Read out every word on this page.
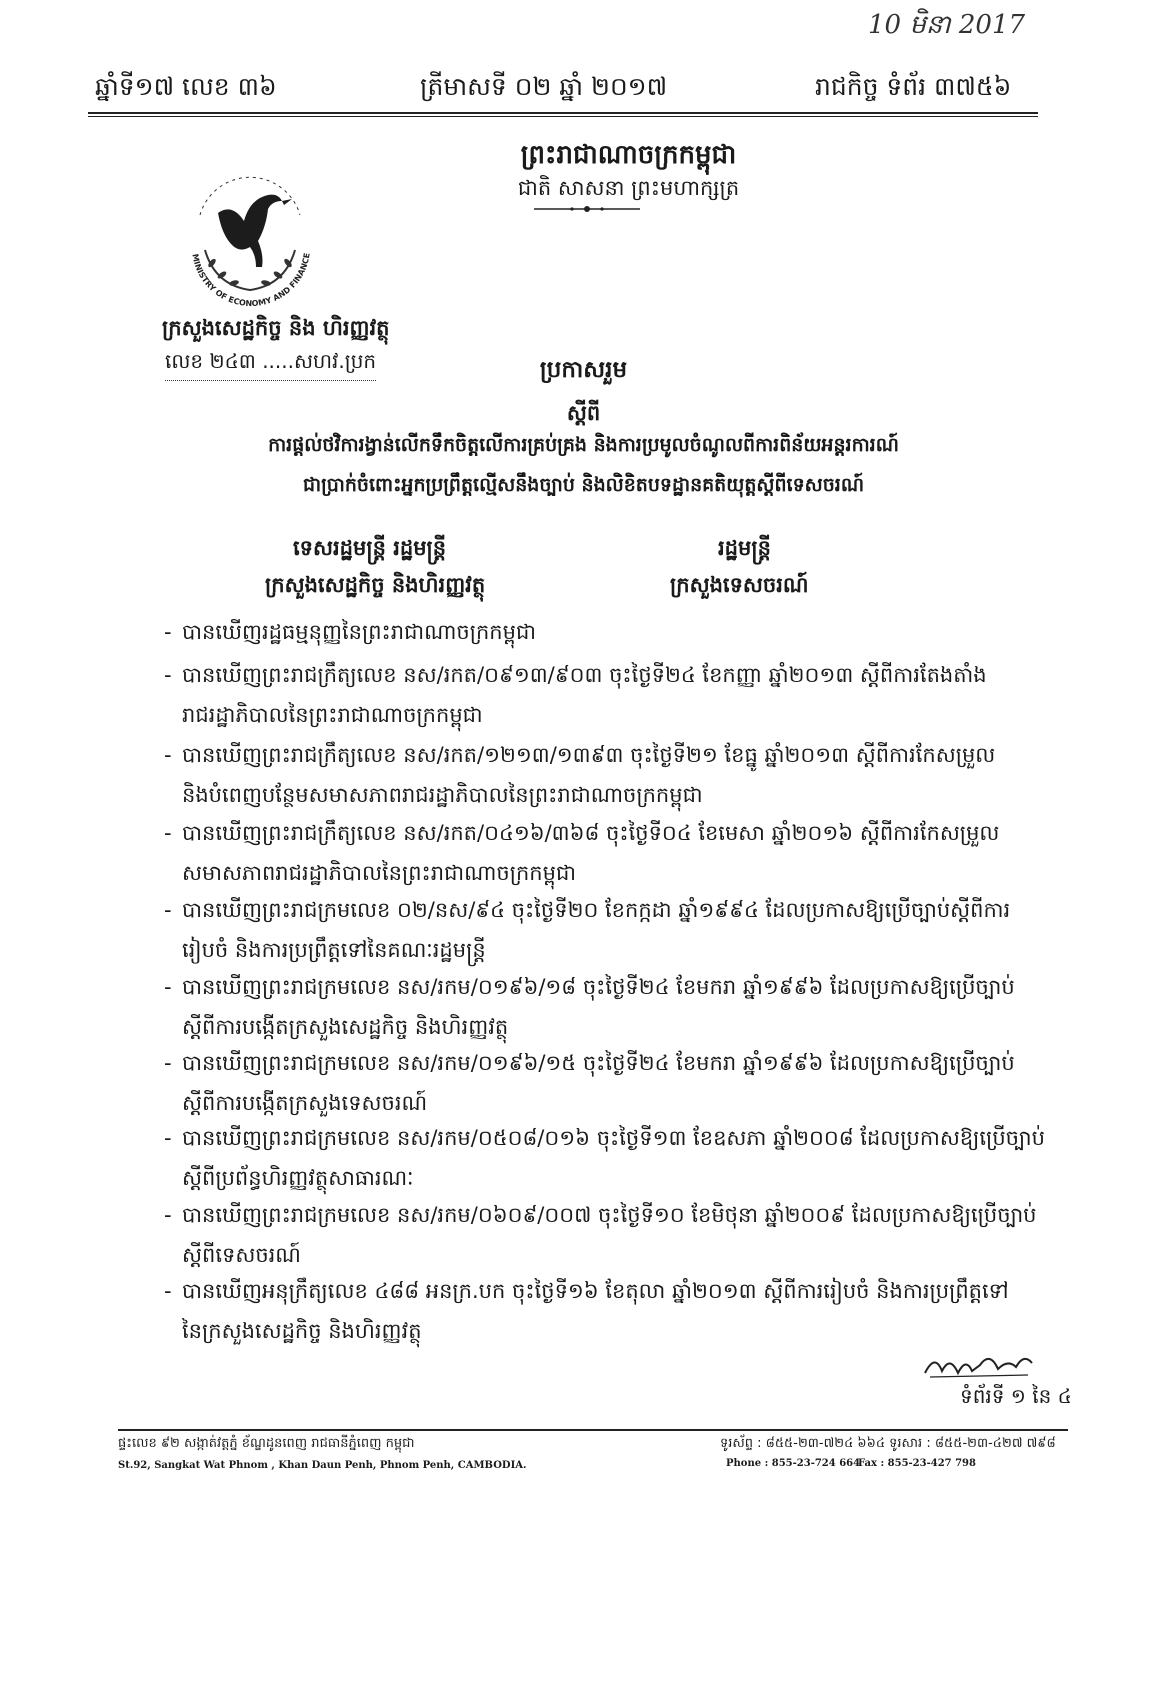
10 មិនា 2017
ឆ្នាំទី១៧ លេខ ៣៦	ត្រីមាសទី ០២ ឆ្នាំ ២០១៧	រាជកិច្ច ទំព័រ ៣៧៥៦
ព្រះរាជាណាចក្រកម្ពុជា
ជាតិ សាសនា ព្រះមហាក្សត្រ
MINISTRY OF ECONOMY AND FINANCE
ក្រសួងសេដ្ឋកិច្ច និង ហិរញ្ញវត្ថុ
លេខ ២៤៣ .....សហវ.ប្រក	ប្រកាសរួម
ស្តីពី
ការផ្តល់ថវិការង្វាន់លើកទឹកចិត្តលើការគ្រប់គ្រង និងការប្រមូលចំណូលពីការពិន័យអន្តរការណ៍
ជាប្រាក់ចំពោះអ្នកប្រព្រឹត្តល្មើសនឹងច្បាប់ និងលិខិតបទដ្ឋានគតិយុត្តស្តីពីទេសចរណ៍
ទេសរដ្ឋមន្ត្រី រដ្ឋមន្ត្រី
ក្រសួងសេដ្ឋកិច្ច និងហិរញ្ញវត្ថុ
រដ្ឋមន្ត្រី
ក្រសួងទេសចរណ៍
- បានឃើញរដ្ឋធម្មនុញ្ញនៃព្រះរាជាណាចក្រកម្ពុជា
- បានឃើញព្រះរាជក្រឹត្យលេខ នស/រកត/០៩១៣/៩០៣ ចុះថ្ងៃទី២៤ ខែកញ្ញា ឆ្នាំ២០១៣ ស្តីពីការតែងតាំង
រាជរដ្ឋាភិបាលនៃព្រះរាជាណាចក្រកម្ពុជា
- បានឃើញព្រះរាជក្រឹត្យលេខ នស/រកត/១២១៣/១៣៩៣ ចុះថ្ងៃទី២១ ខែធ្នូ ឆ្នាំ២០១៣ ស្តីពីការកែសម្រួល
និងបំពេញបន្ថែមសមាសភាពរាជរដ្ឋាភិបាលនៃព្រះរាជាណាចក្រកម្ពុជា
- បានឃើញព្រះរាជក្រឹត្យលេខ នស/រកត/០៤១៦/៣៦៨ ចុះថ្ងៃទី០៤ ខែមេសា ឆ្នាំ២០១៦ ស្តីពីការកែសម្រួល
សមាសភាពរាជរដ្ឋាភិបាលនៃព្រះរាជាណាចក្រកម្ពុជា
- បានឃើញព្រះរាជក្រមលេខ ០២/នស/៩៤ ចុះថ្ងៃទី២០ ខែកក្កដា ឆ្នាំ១៩៩៤ ដែលប្រកាសឱ្យប្រើច្បាប់ស្តីពីការ
រៀបចំ និងការប្រព្រឹត្តទៅនៃគណៈរដ្ឋមន្ត្រី
- បានឃើញព្រះរាជក្រមលេខ នស/រកម/០១៩៦/១៨ ចុះថ្ងៃទី២៤ ខែមករា ឆ្នាំ១៩៩៦ ដែលប្រកាសឱ្យប្រើច្បាប់
ស្តីពីការបង្កើតក្រសួងសេដ្ឋកិច្ច និងហិរញ្ញវត្ថុ
- បានឃើញព្រះរាជក្រមលេខ នស/រកម/០១៩៦/១៥ ចុះថ្ងៃទី២៤ ខែមករា ឆ្នាំ១៩៩៦ ដែលប្រកាសឱ្យប្រើច្បាប់
ស្តីពីការបង្កើតក្រសួងទេសចរណ៍
- បានឃើញព្រះរាជក្រមលេខ នស/រកម/០៥០៨/០១៦ ចុះថ្ងៃទី១៣ ខែឧសភា ឆ្នាំ២០០៨ ដែលប្រកាសឱ្យប្រើច្បាប់
ស្តីពីប្រព័ន្ធហិរញ្ញវត្ថុសាធារណៈ
- បានឃើញព្រះរាជក្រមលេខ នស/រកម/០៦០៩/០០៧ ចុះថ្ងៃទី១០ ខែមិថុនា ឆ្នាំ២០០៩ ដែលប្រកាសឱ្យប្រើច្បាប់
ស្តីពីទេសចរណ៍
- បានឃើញអនុក្រឹត្យលេខ ៤៨៨ អនក្រ.បក ចុះថ្ងៃទី១៦ ខែតុលា ឆ្នាំ២០១៣ ស្តីពីការរៀបចំ និងការប្រព្រឹត្តទៅ
នៃក្រសួងសេដ្ឋកិច្ច និងហិរញ្ញវត្ថុ
ទំព័រទី ១ នៃ ៤
ផ្ទះលេខ ៩២ សង្កាត់វត្តភ្នំ ខ័ណ្ឌដូនពេញ រាជធានីភ្នំពេញ កម្ពុជា
St.92, Sangkat Wat Phnom , Khan Daun Penh, Phnom Penh, CAMBODIA.
ទូរស័ព្ទ : ៨៥៥-២៣-៧២៤ ៦៦៤ ទូរសារ : ៨៥៥-២៣-៤២៧ ៧៩៨
Phone : 855-23-724 664
Fax : 855-23-427 798
